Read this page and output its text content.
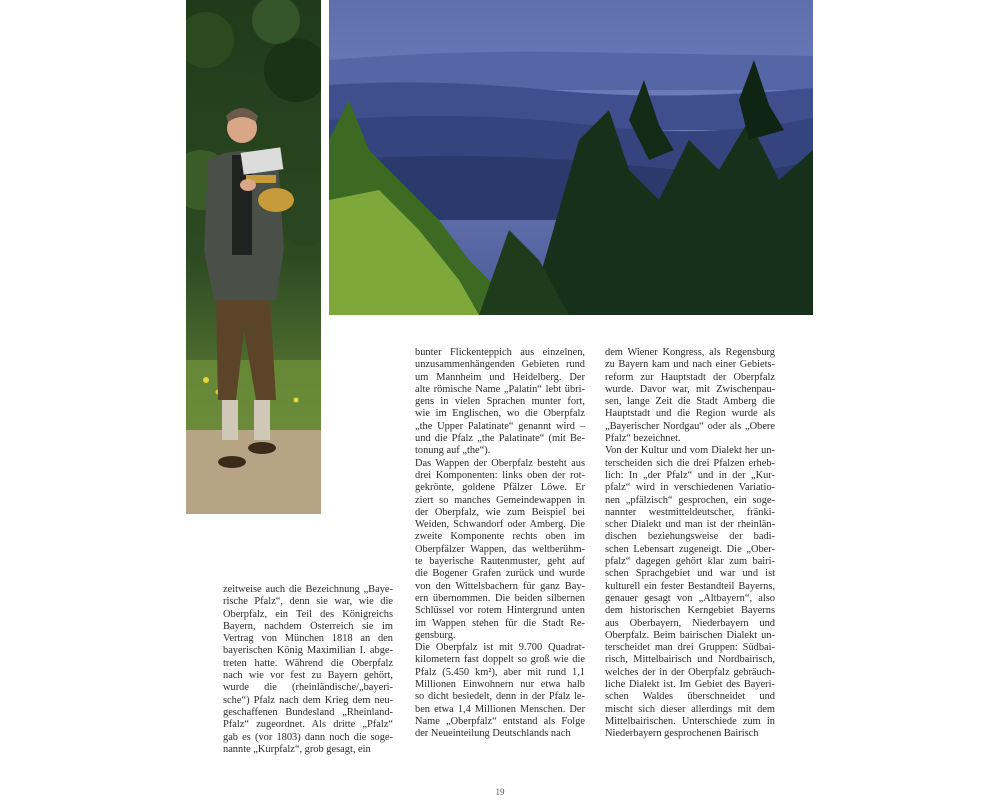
zeitweise auch die Bezeichnung „Baye-
rische Pfalz“, denn sie war, wie die
Oberpfalz, ein Teil des Königreichs
Bayern, nachdem Österreich sie im
Vertrag von München 1818 an den
bayerischen König Maximilian I. abge-
treten hatte. Während die Oberpfalz
nach wie vor fest zu Bayern gehört,
wurde die (rheinländische/„bayeri-
sche“) Pfalz nach dem Krieg dem neu-
geschaffenen Bundesland „Rheinland-
Pfalz“ zugeordnet. Als dritte „Pfalz“
gab es (vor 1803) dann noch die soge-
nannte „Kurpfalz“, grob gesagt, ein
bunter Flickenteppich aus einzelnen,
unzusammenhängenden Gebieten rund
um Mannheim und Heidelberg. Der
alte römische Name „Palatin“ lebt übri-
gens in vielen Sprachen munter fort,
wie im Englischen, wo die Oberpfalz
„the Upper Palatinate“ genannt wird –
und die Pfalz „the Palatinate“ (mit Be-
tonung auf „the“).
Das Wappen der Oberpfalz besteht aus
drei Komponenten: links oben der rot-
gekrönte, goldene Pfälzer Löwe. Er
ziert so manches Gemeindewappen in
der Oberpfalz, wie zum Beispiel bei
Weiden, Schwandorf oder Amberg. Die
zweite Komponente rechts oben im
Oberpfälzer Wappen, das weltberühm-
te bayerische Rautenmuster, geht auf
die Bogener Grafen zurück und wurde
von den Wittelsbachern für ganz Bay-
ern übernommen. Die beiden silbernen
Schlüssel vor rotem Hintergrund unten
im Wappen stehen für die Stadt Re-
gensburg.
Die Oberpfalz ist mit 9.700 Quadrat-
kilometern fast doppelt so groß wie die
Pfalz (5.450 km²), aber mit rund 1,1
Millionen Einwohnern nur etwa halb
so dicht besiedelt, denn in der Pfalz le-
ben etwa 1,4 Millionen Menschen. Der
Name „Oberpfalz“ entstand als Folge
der Neueinteilung Deutschlands nach
dem Wiener Kongress, als Regensburg
zu Bayern kam und nach einer Gebiets-
reform zur Hauptstadt der Oberpfalz
wurde. Davor war, mit Zwischenpau-
sen, lange Zeit die Stadt Amberg die
Hauptstadt und die Region wurde als
„Bayerischer Nordgau“ oder als „Obere
Pfalz“ bezeichnet.
Von der Kultur und vom Dialekt her un-
terscheiden sich die drei Pfalzen erheb-
lich: In „der Pfalz“ und in der „Kur-
pfalz“ wird in verschiedenen Variatio-
nen „pfälzisch“ gesprochen, ein soge-
nannter westmitteldeutscher, fränki-
scher Dialekt und man ist der rheinlän-
dischen beziehungsweise der badi-
schen Lebensart zugeneigt. Die „Ober-
pfalz“ dagegen gehört klar zum bairi-
schen Sprachgebiet und war und ist
kulturell ein fester Bestandteil Bayerns,
genauer gesagt von „Altbayern“, also
dem historischen Kerngebiet Bayerns
aus Oberbayern, Niederbayern und
Oberpfalz. Beim bairischen Dialekt un-
terscheidet man drei Gruppen: Südbai-
risch, Mittelbairisch und Nordbairisch,
welches der in der Oberpfalz gebräuch-
liche Dialekt ist. Im Gebiet des Bayeri-
schen Waldes überschneidet und
mischt sich dieser allerdings mit dem
Mittelbairischen. Unterschiede zum in
Niederbayern gesprochenen Bairisch
19
